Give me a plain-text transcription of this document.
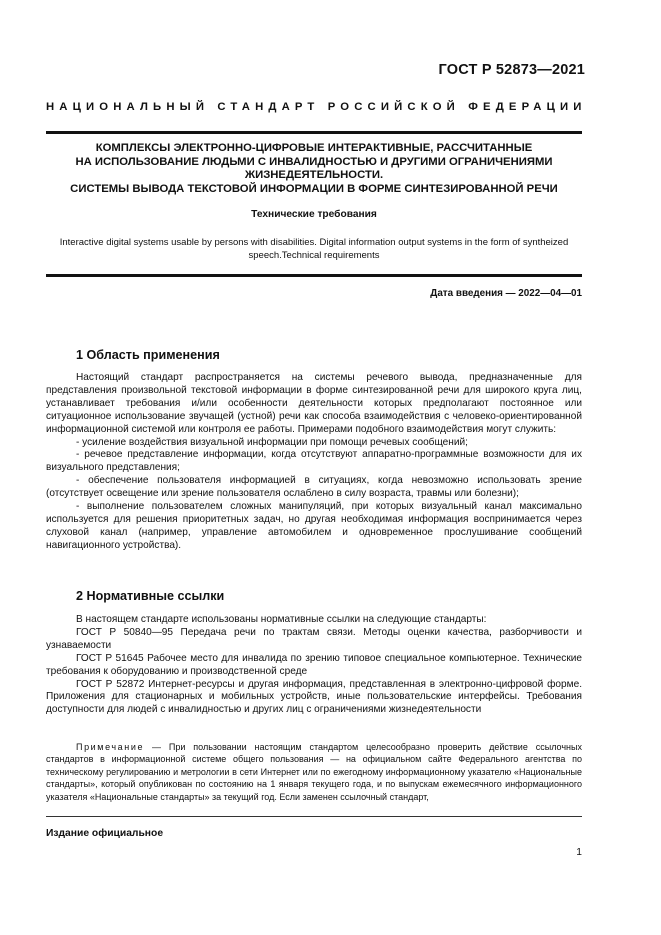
ГОСТ Р 52873—2021
НАЦИОНАЛЬНЫЙ СТАНДАРТ РОССИЙСКОЙ ФЕДЕРАЦИИ
КОМПЛЕКСЫ ЭЛЕКТРОННО-ЦИФРОВЫЕ ИНТЕРАКТИВНЫЕ, РАССЧИТАННЫЕ
НА ИСПОЛЬЗОВАНИЕ ЛЮДЬМИ С ИНВАЛИДНОСТЬЮ И ДРУГИМИ ОГРАНИЧЕНИЯМИ
ЖИЗНЕДЕЯТЕЛЬНОСТИ.
СИСТЕМЫ ВЫВОДА ТЕКСТОВОЙ ИНФОРМАЦИИ В ФОРМЕ СИНТЕЗИРОВАННОЙ РЕЧИ
Технические требования
Interactive digital systems usable by persons with disabilities. Digital information output systems in the form of syntheized speech.Technical requirements
Дата введения — 2022—04—01
1 Область применения

Настоящий стандарт распространяется на системы речевого вывода, предназначенные для представления произвольной текстовой информации в форме синтезированной речи для широкого круга лиц, устанавливает требования и/или особенности деятельности которых предполагают постоянное или ситуационное использование звучащей (устной) речи как способа взаимодействия с человеко-ориентированной информационной системой или контроля ее работы. Примерами подобного взаимодействия могут служить:

- усиление воздействия визуальной информации при помощи речевых сообщений;

- речевое представление информации, когда отсутствуют аппаратно-программные возможности для их визуального представления;

- обеспечение пользователя информацией в ситуациях, когда невозможно использовать зрение (отсутствует освещение или зрение пользователя ослаблено в силу возраста, травмы или болезни);

- выполнение пользователем сложных манипуляций, при которых визуальный канал максимально используется для решения приоритетных задач, но другая необходимая информация воспринимается через слуховой канал (например, управление автомобилем и одновременное прослушивание сообщений навигационного устройства).

2 Нормативные ссылки

В настоящем стандарте использованы нормативные ссылки на следующие стандарты:

ГОСТ Р 50840—95 Передача речи по трактам связи. Методы оценки качества, разборчивости и узнаваемости

ГОСТ Р 51645 Рабочее место для инвалида по зрению типовое специальное компьютерное. Технические требования к оборудованию и производственной среде

ГОСТ Р 52872 Интернет-ресурсы и другая информация, представленная в электронно-цифровой форме. Приложения для стационарных и мобильных устройств, иные пользовательские интерфейсы. Требования доступности для людей с инвалидностью и других лиц с ограничениями жизнедеятельности

Примечание — При пользовании настоящим стандартом целесообразно проверить действие ссылочных стандартов в информационной системе общего пользования — на официальном сайте Федерального агентства по техническому регулированию и метрологии в сети Интернет или по ежегодному информационному указателю «Национальные стандарты», который опубликован по состоянию на 1 января текущего года, и по выпускам ежемесячного информационного указателя «Национальные стандарты» за текущий год. Если заменен ссылочный стандарт,

Издание официальное
1
